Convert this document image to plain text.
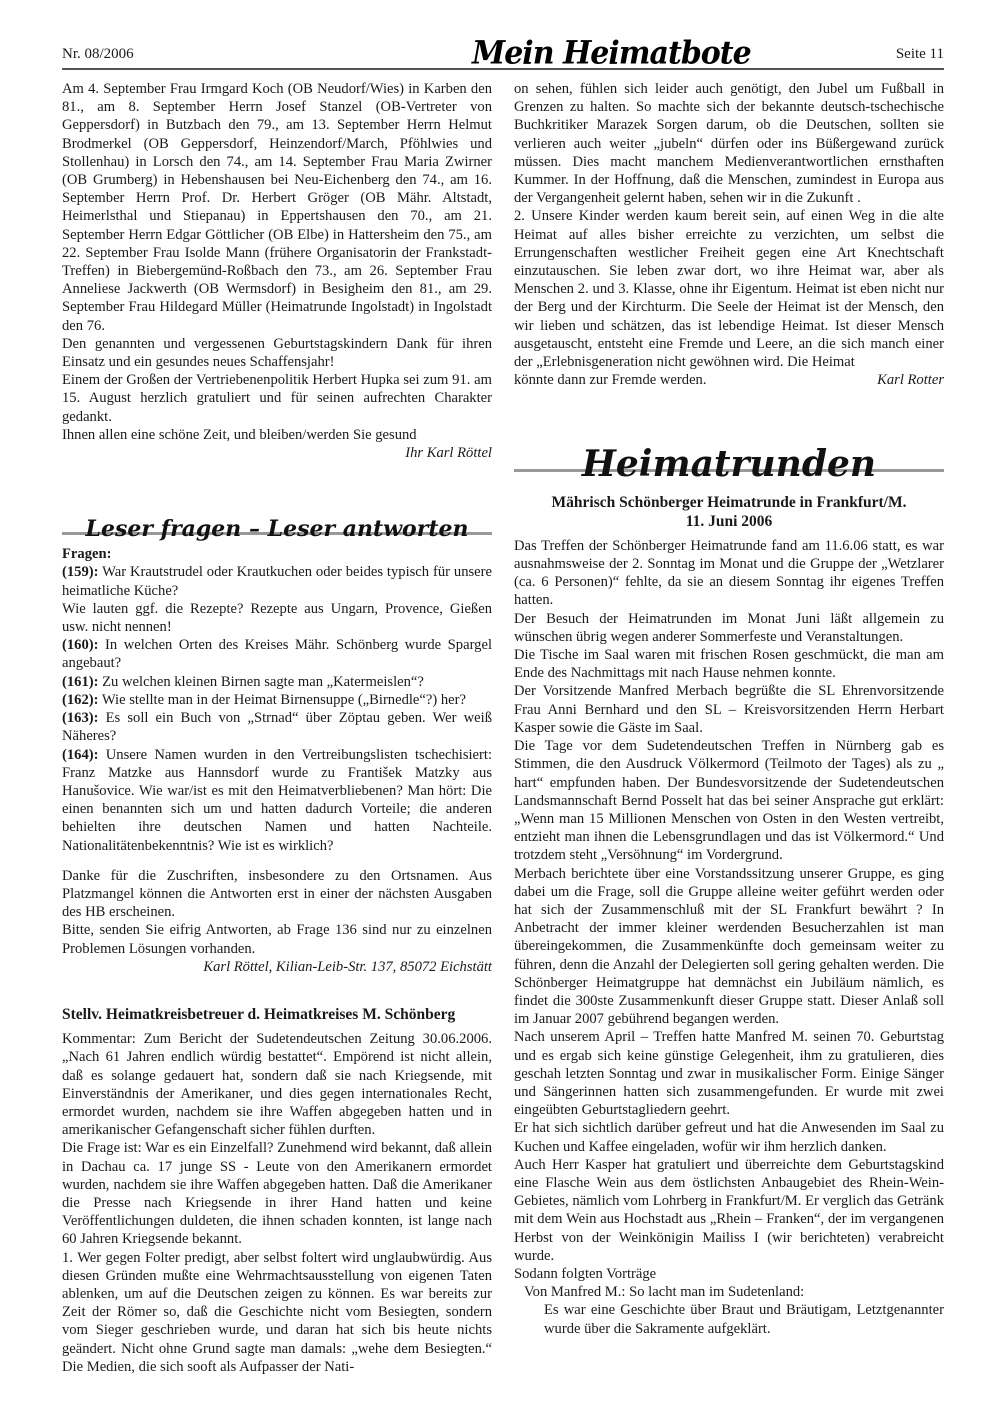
Nr. 08/2006	Mein Heimatbote	Seite 11

Am 4. September Frau Irmgard Koch (OB Neudorf/Wies) in Karben den 81., am 8. September Herrn Josef Stanzel (OB-Vertreter von Geppersdorf) in Butzbach den 79., am 13. September Herrn Helmut Brodmerkel (OB Geppersdorf, Heinzendorf/March, Pföhlwies und Stollenhau) in Lorsch den 74., am 14. September Frau Maria Zwirner (OB Grumberg) in Hebenshausen bei Neu-Eichenberg den 74., am 16. September Herrn Prof. Dr. Herbert Gröger (OB Mähr. Altstadt, Heimerlsthal und Stiepanau) in Eppertshausen den 70., am 21. September Herrn Edgar Göttlicher (OB Elbe) in Hattersheim den 75., am 22. September Frau Isolde Mann (frühere Organisatorin der Frankstadt-Treffen) in Biebergemünd-Roßbach den 73., am 26. September Frau Anneliese Jackwerth (OB Wermsdorf) in Besigheim den 81., am 29. September Frau Hildegard Müller (Heimatrunde Ingolstadt) in Ingolstadt den 76.

Den genannten und vergessenen Geburtstagskindern Dank für ihren Einsatz und ein gesundes neues Schaffensjahr!

Einem der Großen der Vertriebenenpolitik Herbert Hupka sei zum 91. am 15. August herzlich gratuliert und für seinen aufrechten Charakter gedankt.

Ihnen allen eine schöne Zeit, und bleiben/werden Sie gesund

Ihr Karl Röttel

Leser fragen – Leser antworten

Fragen:

(159): War Krautstrudel oder Krautkuchen oder beides typisch für unsere heimatliche Küche?

Wie lauten ggf. die Rezepte? Rezepte aus Ungarn, Provence, Gießen usw. nicht nennen!

(160): In welchen Orten des Kreises Mähr. Schönberg wurde Spargel angebaut?

(161): Zu welchen kleinen Birnen sagte man „Katermeislen“?

(162): Wie stellte man in der Heimat Birnensuppe („Birnedle“?) her?

(163): Es soll ein Buch von „Strnad“ über Zöptau geben. Wer weiß Näheres?

(164): Unsere Namen wurden in den Vertreibungslisten tschechisiert: Franz Matzke aus Hannsdorf wurde zu František Matzky aus Hanušovice. Wie war/ist es mit den Heimatverbliebenen? Man hört: Die einen benannten sich um und hatten dadurch Vorteile; die anderen behielten ihre deutschen Namen und hatten Nachteile. Nationalitätenbekenntnis? Wie ist es wirklich?

Danke für die Zuschriften, insbesondere zu den Ortsnamen. Aus Platzmangel können die Antworten erst in einer der nächsten Ausgaben des HB erscheinen.

Bitte, senden Sie eifrig Antworten, ab Frage 136 sind nur zu einzelnen Problemen Lösungen vorhanden.

Karl Röttel, Kilian-Leib-Str. 137, 85072 Eichstätt

Stellv. Heimatkreisbetreuer d. Heimatkreises M. Schönberg

Kommentar: Zum Bericht der Sudetendeutschen Zeitung 30.06.2006. „Nach 61 Jahren endlich würdig bestattet“. Empörend ist nicht allein, daß es solange gedauert hat, sondern daß sie nach Kriegsende, mit Einverständnis der Amerikaner, und dies gegen internationales Recht, ermordet wurden, nachdem sie ihre Waffen abgegeben hatten und in amerikanischer Gefangenschaft sicher fühlen durften.

Die Frage ist: War es ein Einzelfall? Zunehmend wird bekannt, daß allein in Dachau ca. 17 junge SS - Leute von den Amerikanern ermordet wurden, nachdem sie ihre Waffen abgegeben hatten. Daß die Amerikaner die Presse nach Kriegsende in ihrer Hand hatten und keine Veröffentlichungen duldeten, die ihnen schaden konnten, ist lange nach 60 Jahren Kriegsende bekannt.

1. Wer gegen Folter predigt, aber selbst foltert wird unglaubwürdig. Aus diesen Gründen mußte eine Wehrmachtsausstellung von eigenen Taten ablenken, um auf die Deutschen zeigen zu können. Es war bereits zur Zeit der Römer so, daß die Geschichte nicht vom Besiegten, sondern vom Sieger geschrieben wurde, und daran hat sich bis heute nichts geändert. Nicht ohne Grund sagte man damals: „wehe dem Besiegten.“ Die Medien, die sich sooft als Aufpasser der Nati-

on sehen, fühlen sich leider auch genötigt, den Jubel um Fußball in Grenzen zu halten. So machte sich der bekannte deutsch-tschechische Buchkritiker Marazek Sorgen darum, ob die Deutschen, sollten sie verlieren auch weiter „jubeln“ dürfen oder ins Büßergewand zurück müssen. Dies macht manchem Medienverantwortlichen ernsthaften Kummer. In der Hoffnung, daß die Menschen, zumindest in Europa aus der Vergangenheit gelernt haben, sehen wir in die Zukunft .

2. Unsere Kinder werden kaum bereit sein, auf einen Weg in die alte Heimat auf alles bisher erreichte zu verzichten, um selbst die Errungenschaften westlicher Freiheit gegen eine Art Knechtschaft einzutauschen. Sie leben zwar dort, wo ihre Heimat war, aber als Menschen 2. und 3. Klasse, ohne ihr Eigentum. Heimat ist eben nicht nur der Berg und der Kirchturm. Die Seele der Heimat ist der Mensch, den wir lieben und schätzen, das ist lebendige Heimat. Ist dieser Mensch ausgetauscht, entsteht eine Fremde und Leere, an die sich manch einer der „Erlebnisgeneration nicht gewöhnen wird. Die Heimat

könnte dann zur Fremde werden.	Karl Rotter
Heimatrunden

Mährisch Schönberger Heimatrunde in Frankfurt/M.

11. Juni 2006

Das Treffen der Schönberger Heimatrunde fand am 11.6.06 statt, es war ausnahmsweise der 2. Sonntag im Monat und die Gruppe der „Wetzlarer (ca. 6 Personen)“ fehlte, da sie an diesem Sonntag ihr eigenes Treffen hatten.

Der Besuch der Heimatrunden im Monat Juni läßt allgemein zu wünschen übrig wegen anderer Sommerfeste und Veranstaltungen.

Die Tische im Saal waren mit frischen Rosen geschmückt, die man am Ende des Nachmittags mit nach Hause nehmen konnte.

Der Vorsitzende Manfred Merbach begrüßte die SL Ehrenvorsitzende Frau Anni Bernhard und den SL – Kreisvorsitzenden Herrn Herbart Kasper sowie die Gäste im Saal.

Die Tage vor dem Sudetendeutschen Treffen in Nürnberg gab es Stimmen, die den Ausdruck Völkermord (Teilmoto der Tages) als zu „ hart“ empfunden haben. Der Bundesvorsitzende der Sudetendeutschen Landsmannschaft Bernd Posselt hat das bei seiner Ansprache gut erklärt: „Wenn man 15 Millionen Menschen von Osten in den Westen vertreibt, entzieht man ihnen die Lebensgrundlagen und das ist Völkermord.“ Und trotzdem steht „Versöhnung“ im Vordergrund.

Merbach berichtete über eine Vorstandssitzung unserer Gruppe, es ging dabei um die Frage, soll die Gruppe alleine weiter geführt werden oder hat sich der Zusammenschluß mit der SL Frankfurt bewährt ? In Anbetracht der immer kleiner werdenden Besucherzahlen ist man übereingekommen, die Zusammenkünfte doch gemeinsam weiter zu führen, denn die Anzahl der Delegierten soll gering gehalten werden. Die Schönberger Heimatgruppe hat demnächst ein Jubiläum nämlich, es findet die 300ste Zusammenkunft dieser Gruppe statt. Dieser Anlaß soll im Januar 2007 gebührend begangen werden.

Nach unserem April – Treffen hatte Manfred M. seinen 70. Geburtstag und es ergab sich keine günstige Gelegenheit, ihm zu gratulieren, dies geschah letzten Sonntag und zwar in musikalischer Form. Einige Sänger und Sängerinnen hatten sich zusammengefunden. Er wurde mit zwei eingeübten Geburtstagliedern geehrt.

Er hat sich sichtlich darüber gefreut und hat die Anwesenden im Saal zu Kuchen und Kaffee eingeladen, wofür wir ihm herzlich danken.

Auch Herr Kasper hat gratuliert und überreichte dem Geburtstagskind eine Flasche Wein aus dem östlichsten Anbaugebiet des Rhein-Wein-Gebietes, nämlich vom Lohrberg in Frankfurt/M. Er verglich das Getränk mit dem Wein aus Hochstadt aus „Rhein – Franken“, der im vergangenen Herbst von der Weinkönigin Mailiss I (wir berichteten) verabreicht wurde.

Sodann folgten Vorträge

Von Manfred M.: So lacht man im Sudetenland:

Es war eine Geschichte über Braut und Bräutigam, Letztgenannter wurde über die Sakramente aufgeklärt.
